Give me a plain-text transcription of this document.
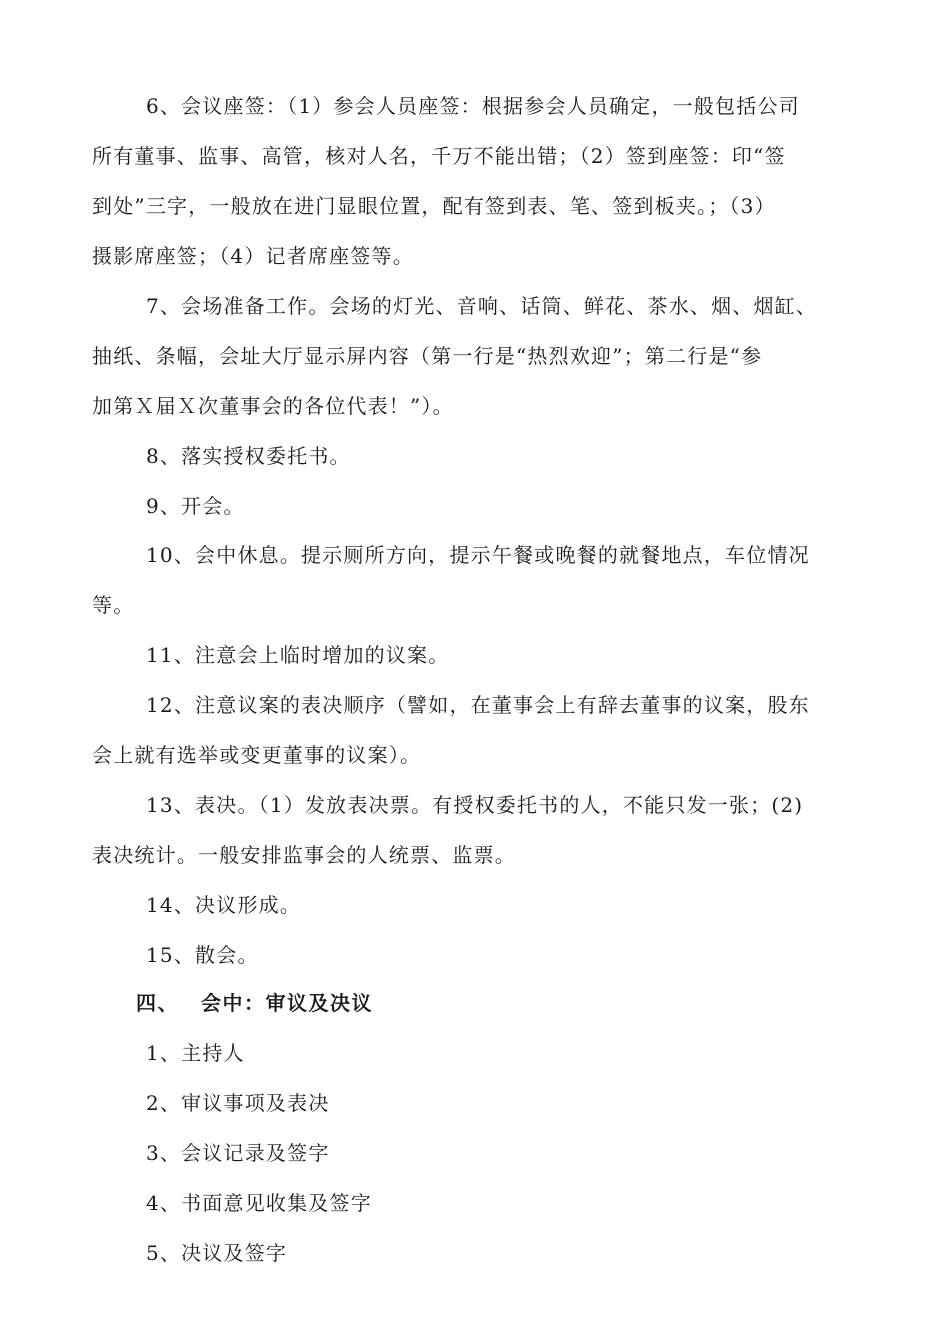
6、会议座签：（1）参会人员座签：根据参会人员确定，一般包括公司
所有董事、监事、高管，核对人名，千万不能出错；（2）签到座签：印“签
到处”三字，一般放在进门显眼位置，配有签到表、笔、签到板夹。；（3）
摄影席座签；（4）记者席座签等。
7、会场准备工作。会场的灯光、音响、话筒、鲜花、茶水、烟、烟缸、
抽纸、条幅，会址大厅显示屏内容（第一行是“热烈欢迎”；第二行是“参
加第Ｘ届Ｘ次董事会的各位代表！”）。
8、落实授权委托书。
9、开会。
10、会中休息。提示厕所方向，提示午餐或晚餐的就餐地点，车位情况
等。
11、注意会上临时增加的议案。
12、注意议案的表决顺序（譬如，在董事会上有辞去董事的议案，股东
会上就有选举或变更董事的议案）。
13、表决。（1）发放表决票。有授权委托书的人，不能只发一张；(2)
表决统计。一般安排监事会的人统票、监票。
14、决议形成。
15、散会。
四、 会中：审议及决议
1、主持人
2、审议事项及表决
3、会议记录及签字
4、书面意见收集及签字
5、决议及签字
